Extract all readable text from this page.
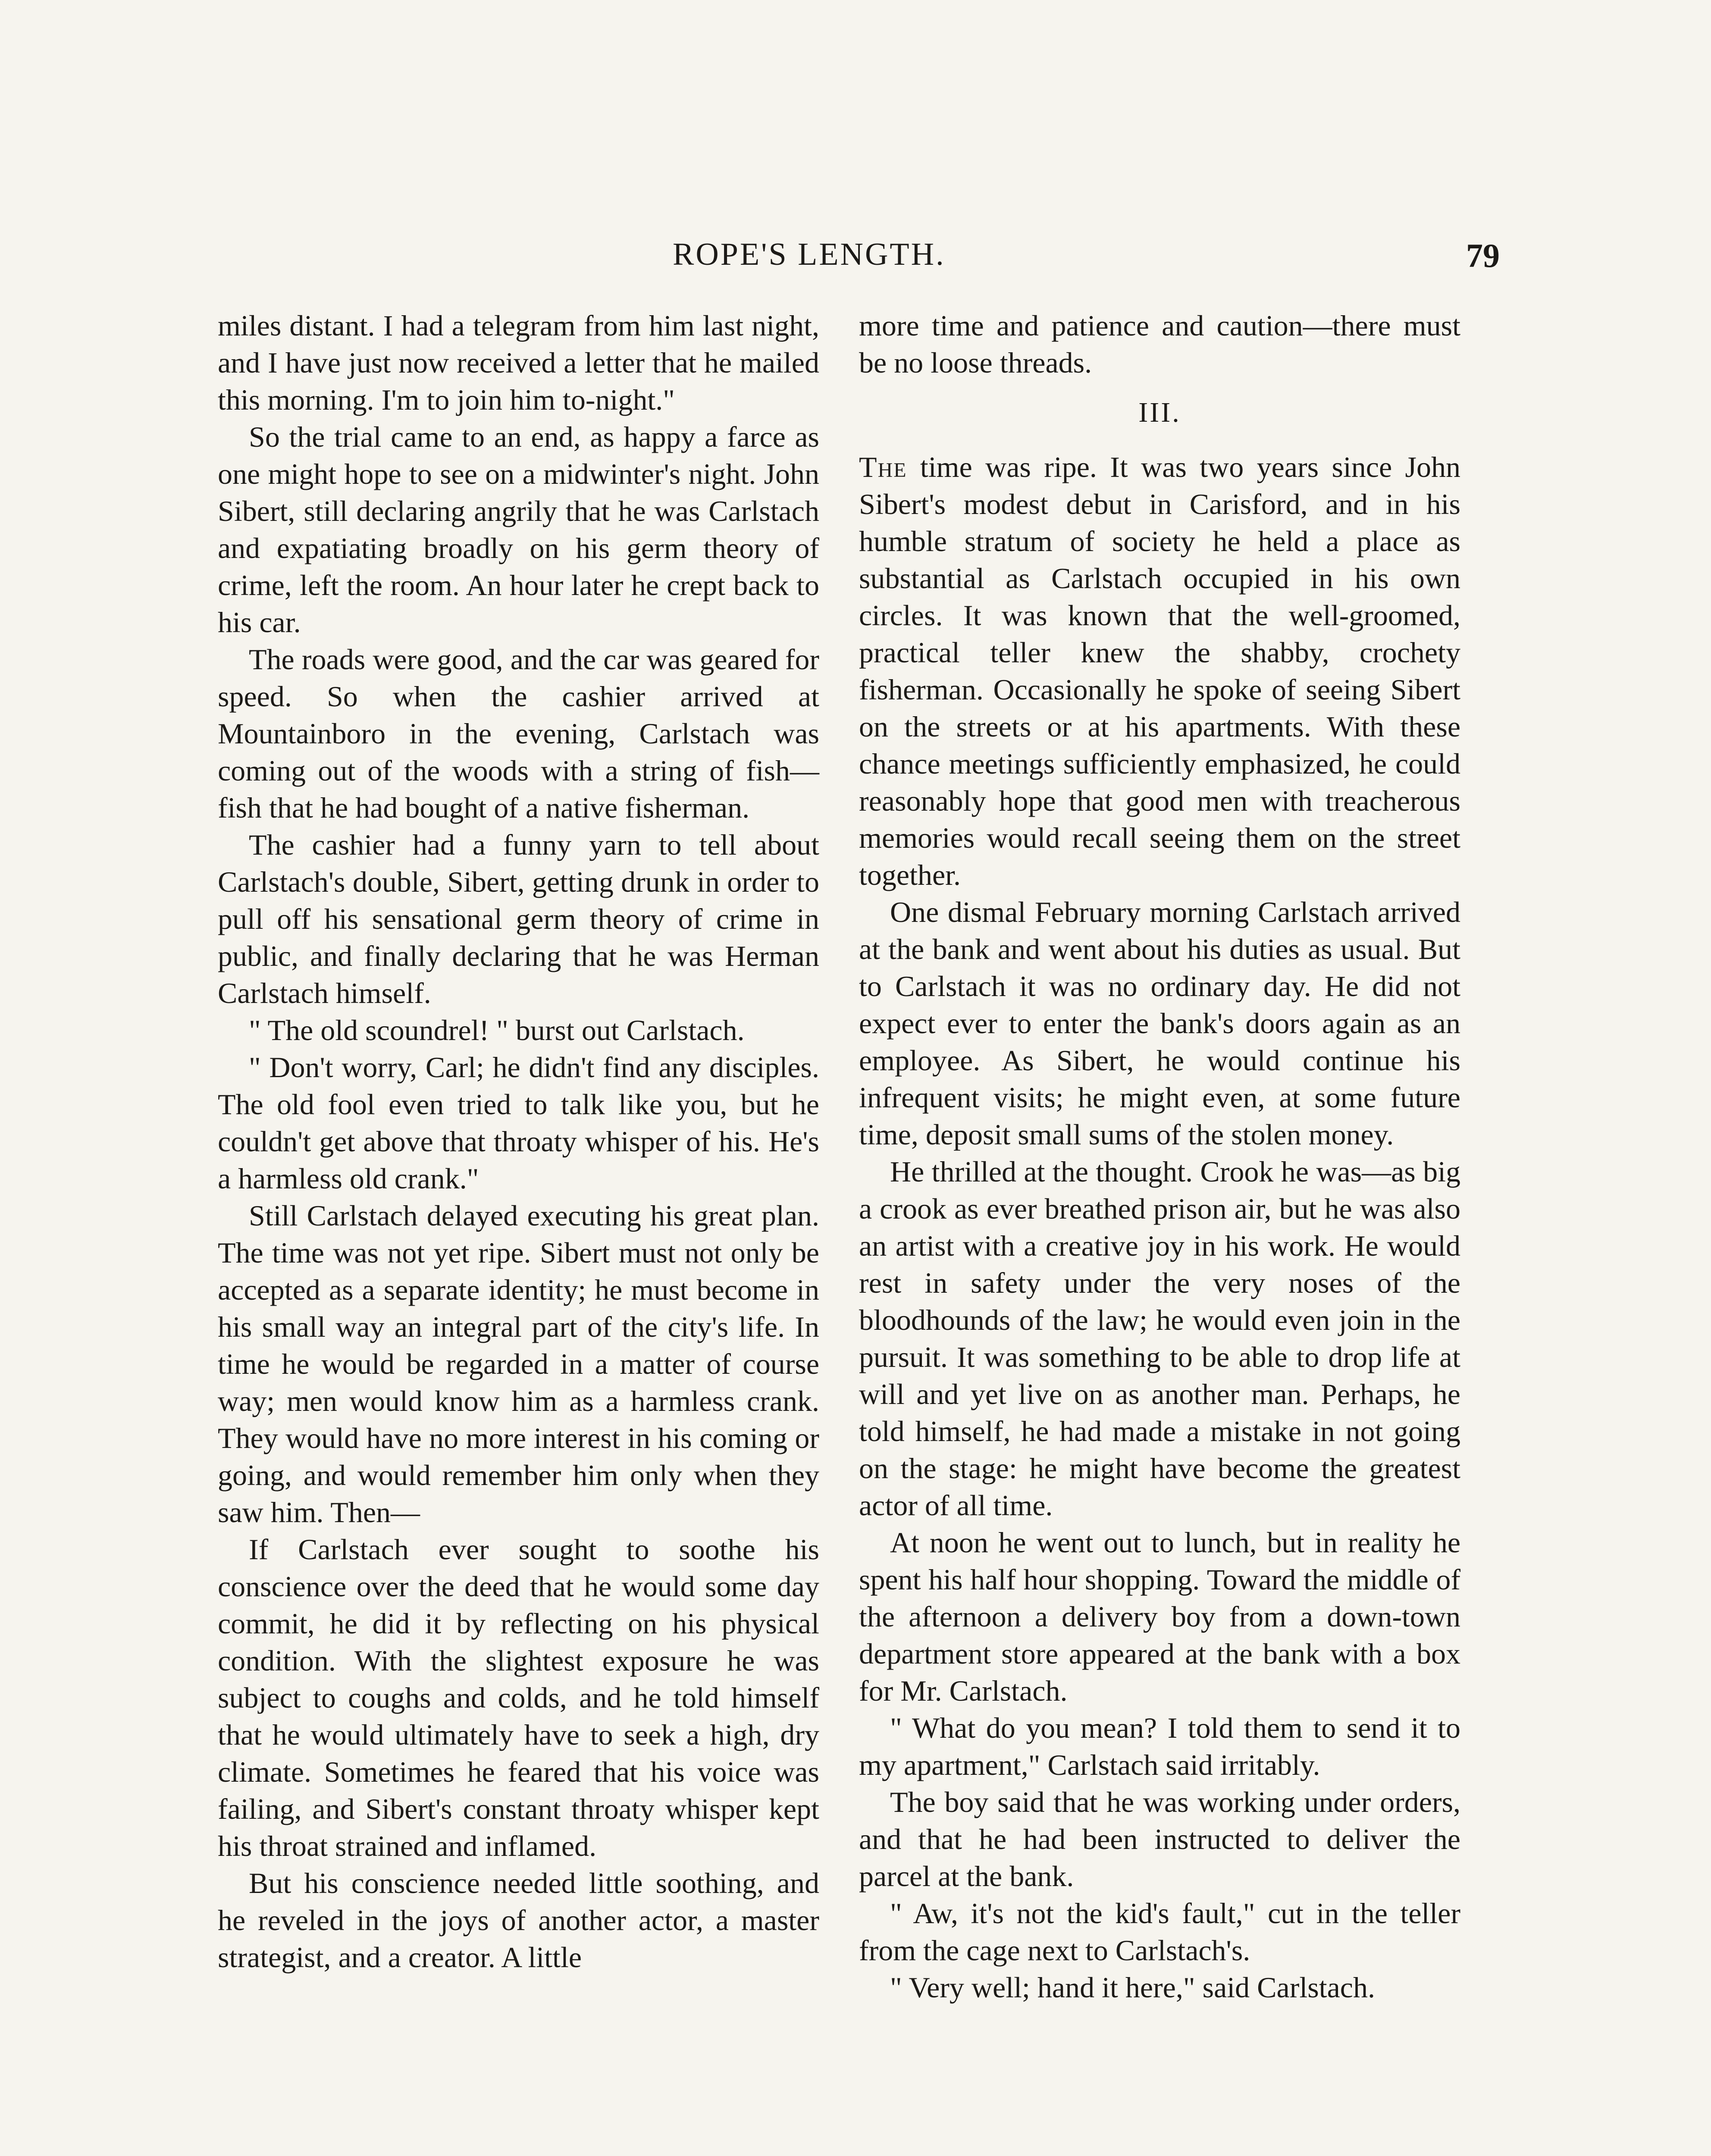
ROPE'S LENGTH.	79

miles distant. I had a telegram from him last night, and I have just now received a letter that he mailed this morning. I'm to join him to-night."

So the trial came to an end, as happy a farce as one might hope to see on a midwinter's night. John Sibert, still declaring angrily that he was Carlstach and expatiating broadly on his germ theory of crime, left the room. An hour later he crept back to his car.

The roads were good, and the car was geared for speed. So when the cashier arrived at Mountainboro in the evening, Carlstach was coming out of the woods with a string of fish—fish that he had bought of a native fisherman.

The cashier had a funny yarn to tell about Carlstach's double, Sibert, getting drunk in order to pull off his sensational germ theory of crime in public, and finally declaring that he was Herman Carlstach himself.

" The old scoundrel! " burst out Carlstach.

" Don't worry, Carl; he didn't find any disciples. The old fool even tried to talk like you, but he couldn't get above that throaty whisper of his. He's a harmless old crank."

Still Carlstach delayed executing his great plan. The time was not yet ripe. Sibert must not only be accepted as a separate identity; he must become in his small way an integral part of the city's life. In time he would be regarded in a matter of course way; men would know him as a harmless crank. They would have no more interest in his coming or going, and would remember him only when they saw him. Then—

If Carlstach ever sought to soothe his conscience over the deed that he would some day commit, he did it by reflecting on his physical condition. With the slightest exposure he was subject to coughs and colds, and he told himself that he would ultimately have to seek a high, dry climate. Sometimes he feared that his voice was failing, and Sibert's constant throaty whisper kept his throat strained and inflamed.

But his conscience needed little soothing, and he reveled in the joys of another actor, a master strategist, and a creator. A little

more time and patience and caution—there must be no loose threads.

III.

The time was ripe. It was two years since John Sibert's modest debut in Carisford, and in his humble stratum of society he held a place as substantial as Carlstach occupied in his own circles. It was known that the well-groomed, practical teller knew the shabby, crochety fisherman. Occasionally he spoke of seeing Sibert on the streets or at his apartments. With these chance meetings sufficiently emphasized, he could reasonably hope that good men with treacherous memories would recall seeing them on the street together.

One dismal February morning Carlstach arrived at the bank and went about his duties as usual. But to Carlstach it was no ordinary day. He did not expect ever to enter the bank's doors again as an employee. As Sibert, he would continue his infrequent visits; he might even, at some future time, deposit small sums of the stolen money.

He thrilled at the thought. Crook he was—as big a crook as ever breathed prison air, but he was also an artist with a creative joy in his work. He would rest in safety under the very noses of the bloodhounds of the law; he would even join in the pursuit. It was something to be able to drop life at will and yet live on as another man. Perhaps, he told himself, he had made a mistake in not going on the stage: he might have become the greatest actor of all time.

At noon he went out to lunch, but in reality he spent his half hour shopping. Toward the middle of the afternoon a delivery boy from a down-town department store appeared at the bank with a box for Mr. Carlstach.

" What do you mean? I told them to send it to my apartment," Carlstach said irritably.

The boy said that he was working under orders, and that he had been instructed to deliver the parcel at the bank.

" Aw, it's not the kid's fault," cut in the teller from the cage next to Carlstach's.

" Very well; hand it here," said Carlstach.
